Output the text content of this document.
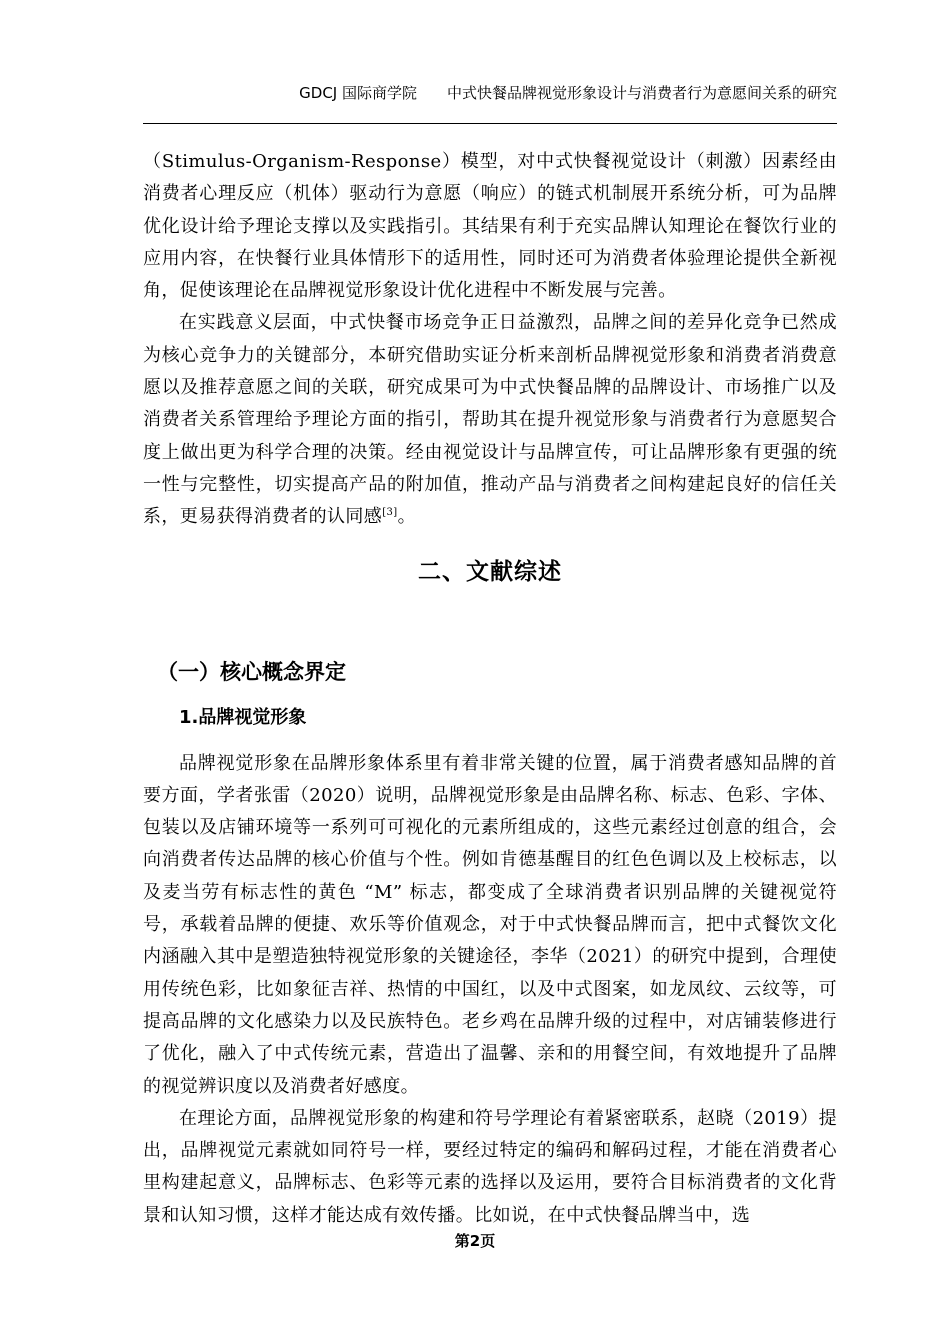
GDCJ 国际商学院 中式快餐品牌视觉形象设计与消费者行为意愿间关系的研究

（Stimulus-Organism-Response）模型，对中式快餐视觉设计（刺激）因素经由消费者心理反应（机体）驱动行为意愿（响应）的链式机制展开系统分析，可为品牌优化设计给予理论支撑以及实践指引。其结果有利于充实品牌认知理论在餐饮行业的应用内容，在快餐行业具体情形下的适用性，同时还可为消费者体验理论提供全新视角，促使该理论在品牌视觉形象设计优化进程中不断发展与完善。

在实践意义层面，中式快餐市场竞争正日益激烈，品牌之间的差异化竞争已然成为核心竞争力的关键部分，本研究借助实证分析来剖析品牌视觉形象和消费者消费意愿以及推荐意愿之间的关联，研究成果可为中式快餐品牌的品牌设计、市场推广以及消费者关系管理给予理论方面的指引，帮助其在提升视觉形象与消费者行为意愿契合度上做出更为科学合理的决策。经由视觉设计与品牌宣传，可让品牌形象有更强的统一性与完整性，切实提高产品的附加值，推动产品与消费者之间构建起良好的信任关系，更易获得消费者的认同感[3]。

二、文献综述
（一）核心概念界定
1.品牌视觉形象

品牌视觉形象在品牌形象体系里有着非常关键的位置，属于消费者感知品牌的首要方面，学者张雷（2020）说明，品牌视觉形象是由品牌名称、标志、色彩、字体、包装以及店铺环境等一系列可可视化的元素所组成的，这些元素经过创意的组合，会向消费者传达品牌的核心价值与个性。例如肯德基醒目的红色色调以及上校标志，以及麦当劳有标志性的黄色 “M” 标志，都变成了全球消费者识别品牌的关键视觉符号，承载着品牌的便捷、欢乐等价值观念，对于中式快餐品牌而言，把中式餐饮文化内涵融入其中是塑造独特视觉形象的关键途径，李华（2021）的研究中提到，合理使用传统色彩，比如象征吉祥、热情的中国红，以及中式图案，如龙凤纹、云纹等，可提高品牌的文化感染力以及民族特色。老乡鸡在品牌升级的过程中，对店铺装修进行了优化，融入了中式传统元素，营造出了温馨、亲和的用餐空间，有效地提升了品牌的视觉辨识度以及消费者好感度。

在理论方面，品牌视觉形象的构建和符号学理论有着紧密联系，赵晓（2019）提出，品牌视觉元素就如同符号一样，要经过特定的编码和解码过程，才能在消费者心里构建起意义，品牌标志、色彩等元素的选择以及运用，要符合目标消费者的文化背景和认知习惯，这样才能达成有效传播。比如说，在中式快餐品牌当中，选

第2页
